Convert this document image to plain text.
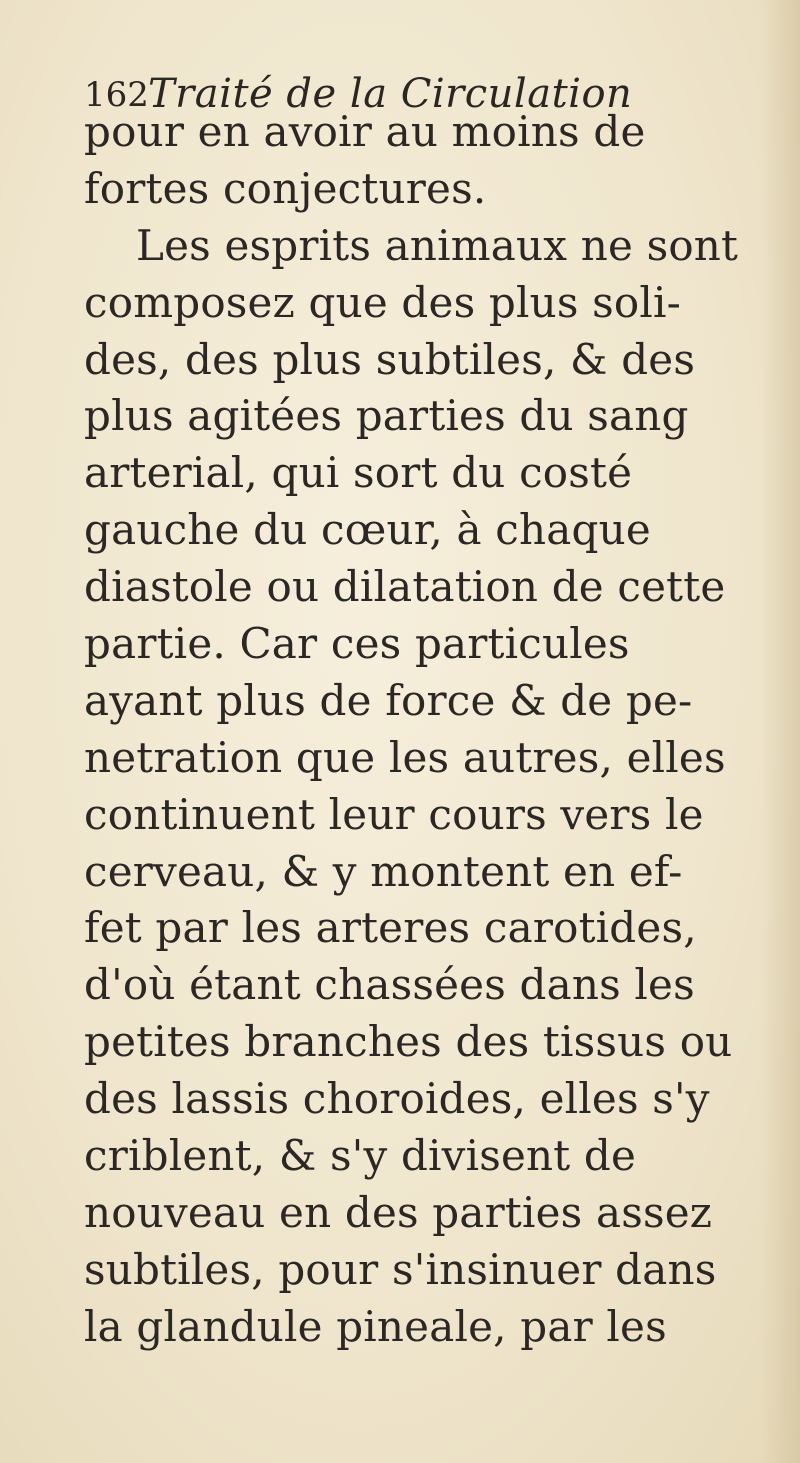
162 Traité de la Circulation
pour en avoir au moins de
fortes conjectures.
Les esprits animaux ne sont
composez que des plus soli-
des, des plus subtiles, & des
plus agitées parties du sang
arterial, qui sort du costé
gauche du cœur, à chaque
diastole ou dilatation de cette
partie. Car ces particules
ayant plus de force & de pe-
netration que les autres, elles
continuent leur cours vers le
cerveau, & y montent en ef-
fet par les arteres carotides,
d'où étant chassées dans les
petites branches des tissus ou
des lassis choroides, elles s'y
criblent, & s'y divisent de
nouveau en des parties assez
subtiles, pour s'insinuer dans
la glandule pineale, par les
